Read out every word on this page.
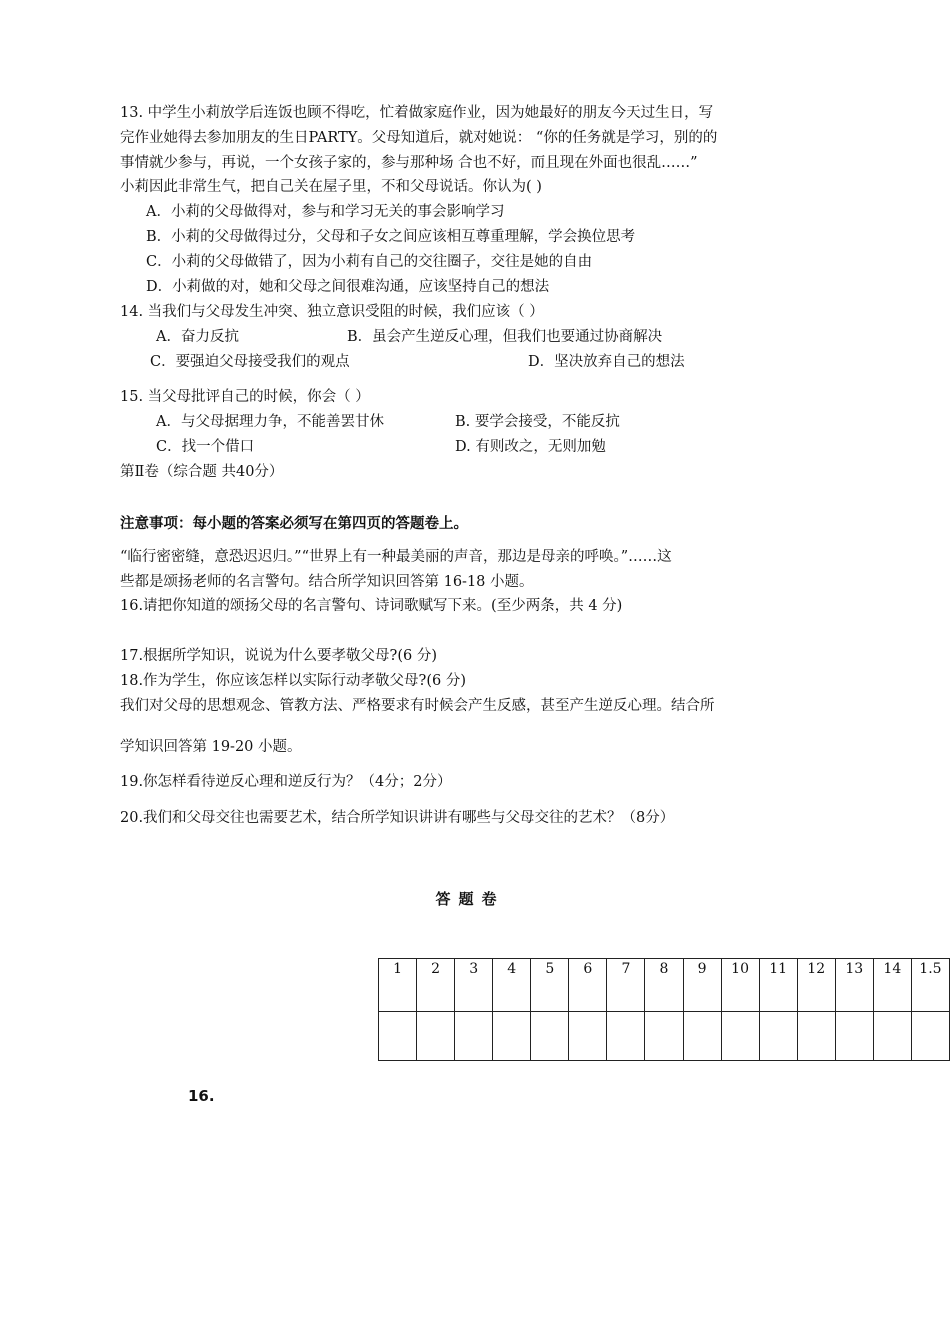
13. 中学生小莉放学后连饭也顾不得吃，忙着做家庭作业，因为她最好的朋友今天过生日，写
完作业她得去参加朋友的生日PARTY。父母知道后，就对她说： “你的任务就是学习，别的的
事情就少参与，再说，一个女孩子家的，参与那种场 合也不好，而且现在外面也很乱……”
小莉因此非常生气，把自己关在屋子里，不和父母说话。你认为( )
A．小莉的父母做得对，参与和学习无关的事会影响学习
B．小莉的父母做得过分，父母和子女之间应该相互尊重理解，学会换位思考
C．小莉的父母做错了，因为小莉有自己的交往圈子，交往是她的自由
D．小莉做的对，她和父母之间很难沟通，应该坚持自己的想法
14. 当我们与父母发生冲突、独立意识受阻的时候，我们应该（ ）
A．奋力反抗	B．虽会产生逆反心理，但我们也要通过协商解决
C．要强迫父母接受我们的观点	D．坚决放弃自己的想法
15. 当父母批评自己的时候，你会（ ）
A．与父母据理力争，不能善罢甘休	B. 要学会接受，不能反抗
C．找一个借口	D. 有则改之，无则加勉
第Ⅱ卷（综合题 共40分）
注意事项：每小题的答案必须写在第四页的答题卷上。
“临行密密缝，意恐迟迟归。”“世界上有一种最美丽的声音，那边是母亲的呼唤。”……这
些都是颂扬老师的名言警句。结合所学知识回答第 16-18 小题。
16.请把你知道的颂扬父母的名言警句、诗词歌赋写下来。(至少两条，共 4 分)
17.根据所学知识，说说为什么要孝敬父母?(6 分)
18.作为学生，你应该怎样以实际行动孝敬父母?(6 分)
我们对父母的思想观念、管教方法、严格要求有时候会产生反感，甚至产生逆反心理。结合所
学知识回答第 19-20 小题。
19.你怎样看待逆反心理和逆反行为？（4分；2分）
20.我们和父母交往也需要艺术，结合所学知识讲讲有哪些与父母交往的艺术？（8分）
答题卷
1	2	3	4	5	6	7	8	9	10	11	12	13	14	1.5

16.
